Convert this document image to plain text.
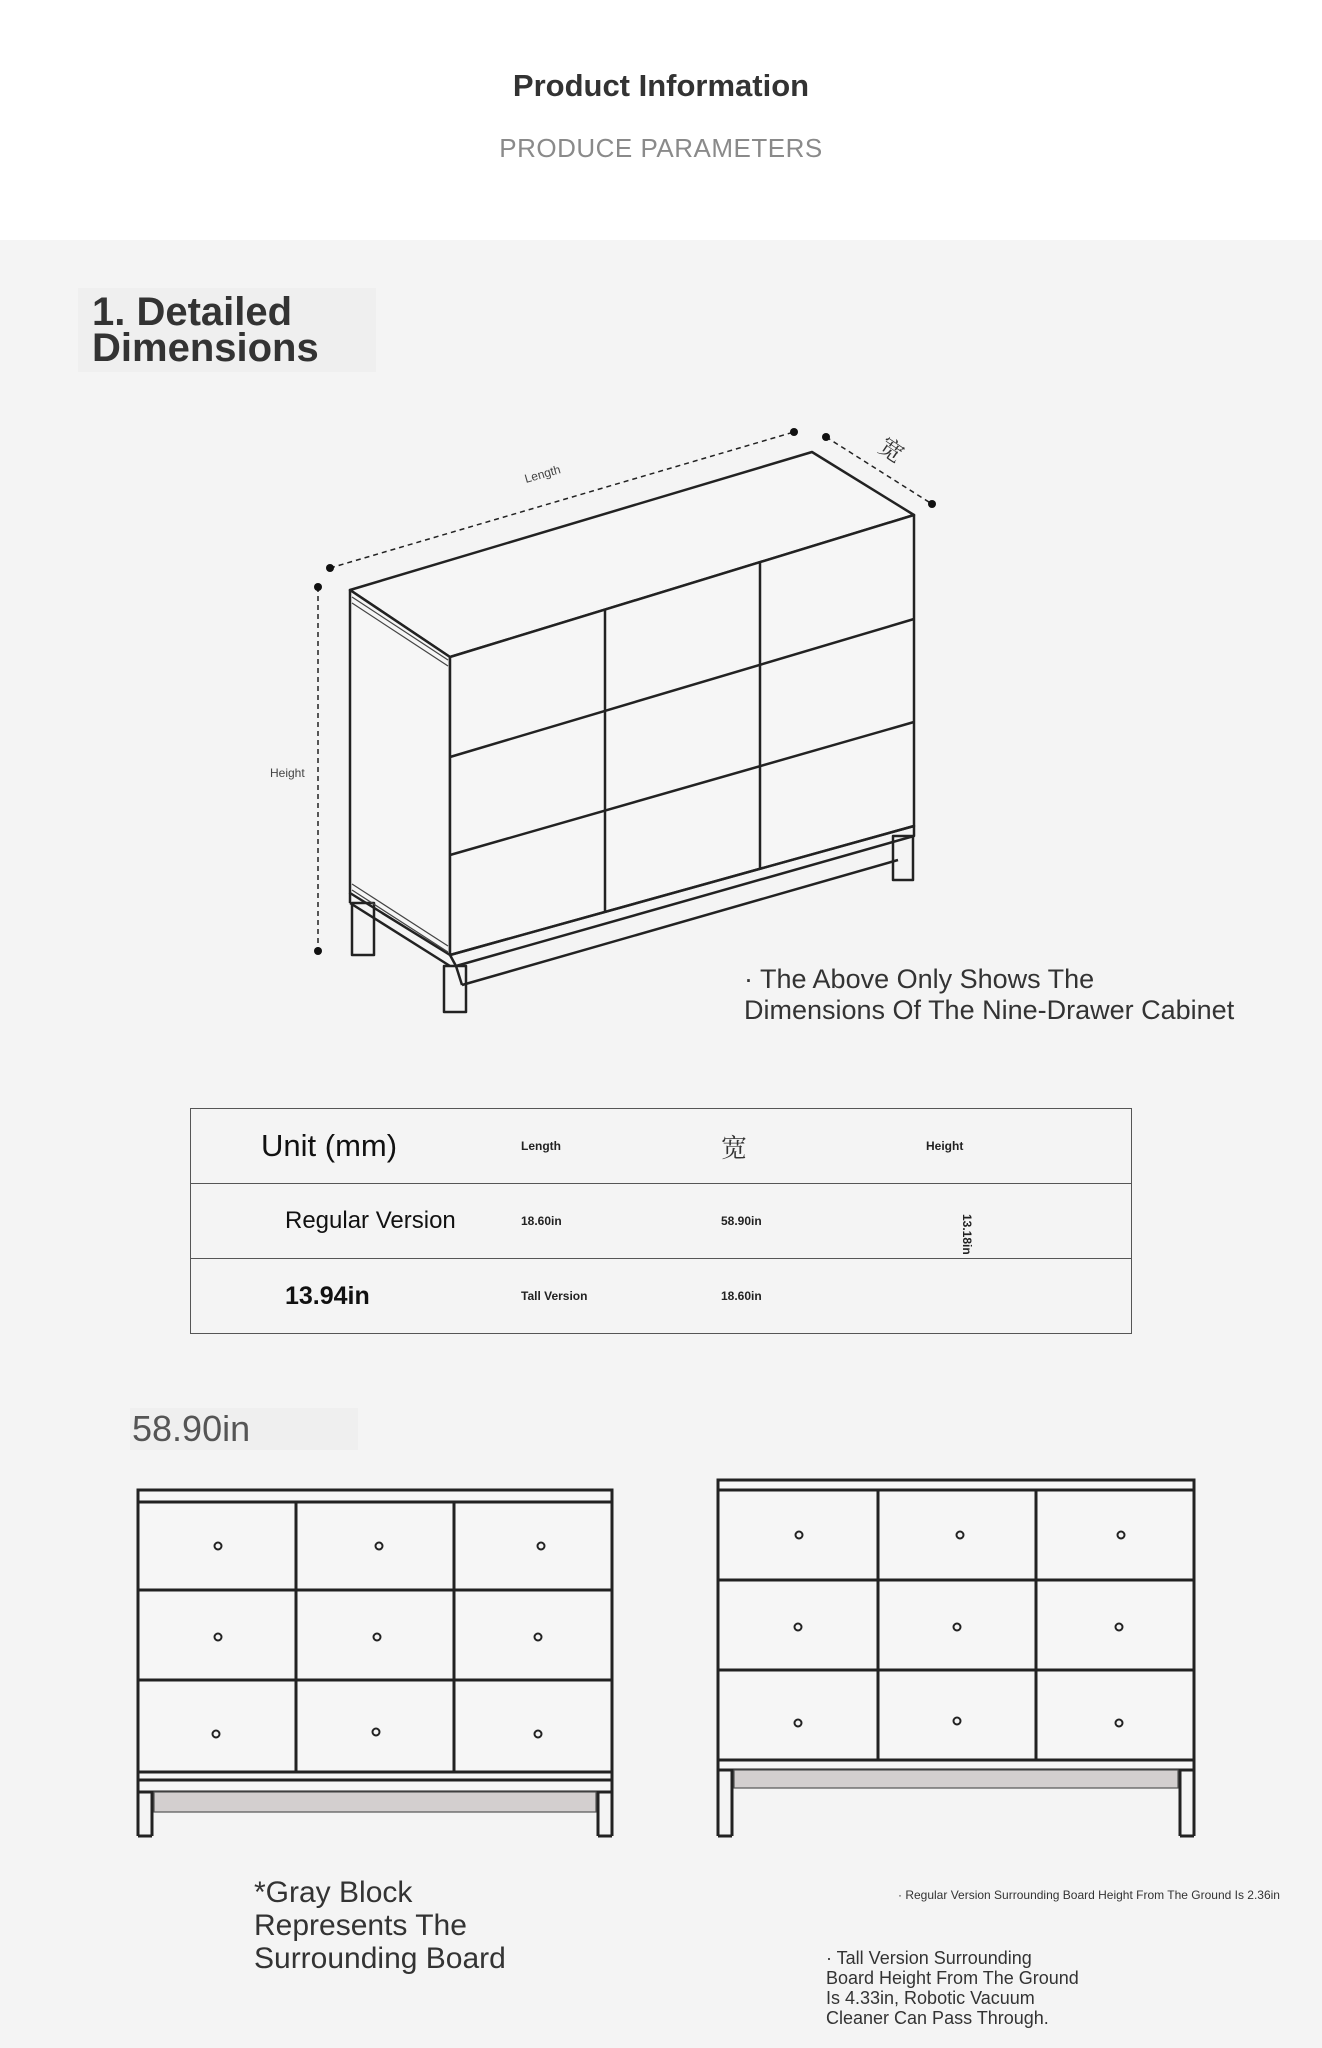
Product Information
PRODUCE PARAMETERS
1. Detailed
Dimensions
Length
宽
Height
· The Above Only Shows The
Dimensions Of The Nine-Drawer Cabinet
Unit (mm)	Length	宽	Height
Regular Version	18.60in	58.90in	13.18in

13.94in	Tall Version	18.60in	
58.90in
*Gray Block
Represents The
Surrounding Board
· Regular Version Surrounding Board Height From The Ground Is 2.36in
· Tall Version Surrounding
Board Height From The Ground
Is 4.33in, Robotic Vacuum
Cleaner Can Pass Through.
